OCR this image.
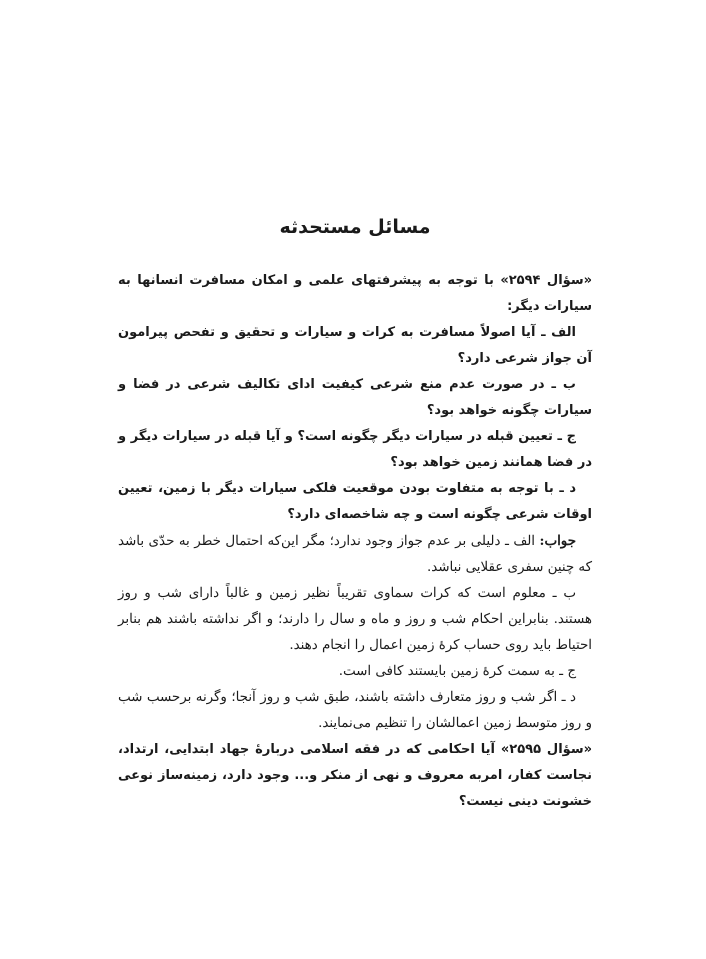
مسائل مستحدثه

«سؤال ۲۵۹۴» با توجه به پیشرفتهای علمی و امکان مسافرت انسانها به سیارات دیگر:

الف ـ آیا اصولاً مسافرت به کرات و سیارات و تحقیق و تفحص پیرامون آن جواز شرعی دارد؟

ب ـ در صورت عدم منع شرعی کیفیت ادای تکالیف شرعی در فضا و سیارات چگونه خواهد بود؟

ج ـ تعیین قبله در سیارات دیگر چگونه است؟ و آیا قبله در سیارات دیگر و در فضا همانند زمین خواهد بود؟

د ـ با توجه به متفاوت بودن موقعیت فلکی سیارات دیگر با زمین، تعیین اوقات شرعی چگونه است و چه شاخصه‌ای دارد؟

جواب: الف ـ دلیلی بر عدم جواز وجود ندارد؛ مگر این‌که احتمال خطر به حدّی باشد که چنین سفری عقلایی نباشد.

ب ـ معلوم است که کرات سماوی تقریباً نظیر زمین و غالباً دارای شب و روز هستند. بنابراین احکام شب و روز و ماه و سال را دارند؛ و اگر نداشته باشند هم بنابر احتیاط باید روی حساب کرهٔ زمین اعمال را انجام دهند.

ج ـ به سمت کرهٔ زمین بایستند کافی است.

د ـ اگر شب و روز متعارف داشته باشند، طبق شب و روز آنجا؛ وگرنه برحسب شب و روز متوسط زمین اعمالشان را تنظیم می‌نمایند.

«سؤال ۲۵۹۵» آیا احکامی که در فقه اسلامی دربارهٔ جهاد ابتدایی، ارتداد، نجاست کفار، امربه معروف و نهی از منکر و... وجود دارد، زمینه‌ساز نوعی خشونت دینی نیست؟
